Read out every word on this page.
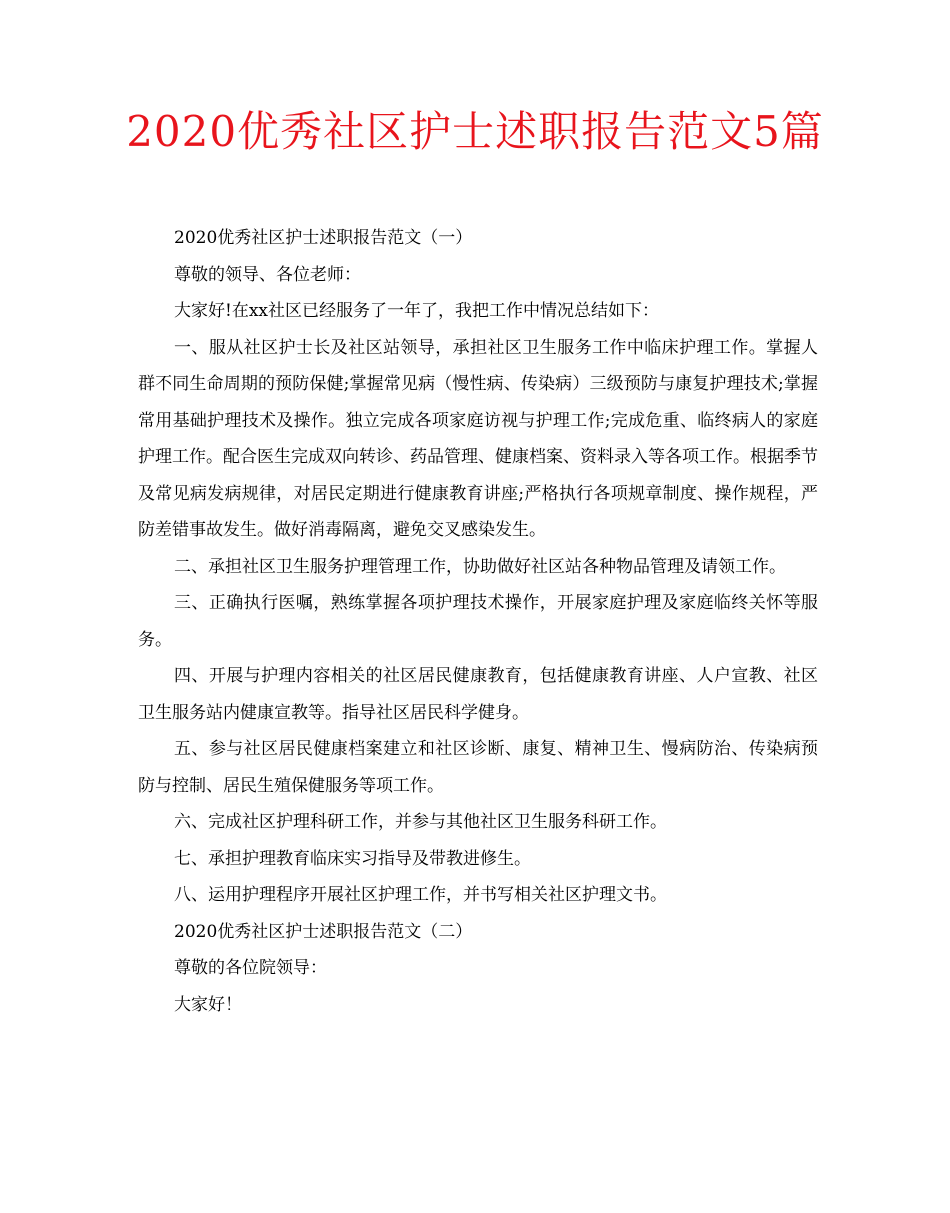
2020优秀社区护士述职报告范文5篇

2020优秀社区护士述职报告范文（一）

尊敬的领导、各位老师：

大家好!在xx社区已经服务了一年了，我把工作中情况总结如下：

一、服从社区护士长及社区站领导，承担社区卫生服务工作中临床护理工作。掌握人群不同生命周期的预防保健;掌握常见病（慢性病、传染病）三级预防与康复护理技术;掌握常用基础护理技术及操作。独立完成各项家庭访视与护理工作;完成危重、临终病人的家庭护理工作。配合医生完成双向转诊、药品管理、健康档案、资料录入等各项工作。根据季节及常见病发病规律，对居民定期进行健康教育讲座;严格执行各项规章制度、操作规程，严防差错事故发生。做好消毒隔离，避免交叉感染发生。

二、承担社区卫生服务护理管理工作，协助做好社区站各种物品管理及请领工作。

三、正确执行医嘱，熟练掌握各项护理技术操作，开展家庭护理及家庭临终关怀等服务。

四、开展与护理内容相关的社区居民健康教育，包括健康教育讲座、人户宣教、社区卫生服务站内健康宣教等。指导社区居民科学健身。

五、参与社区居民健康档案建立和社区诊断、康复、精神卫生、慢病防治、传染病预防与控制、居民生殖保健服务等项工作。

六、完成社区护理科研工作，并参与其他社区卫生服务科研工作。

七、承担护理教育临床实习指导及带教进修生。

八、运用护理程序开展社区护理工作，并书写相关社区护理文书。

2020优秀社区护士述职报告范文（二）

尊敬的各位院领导：

大家好！
